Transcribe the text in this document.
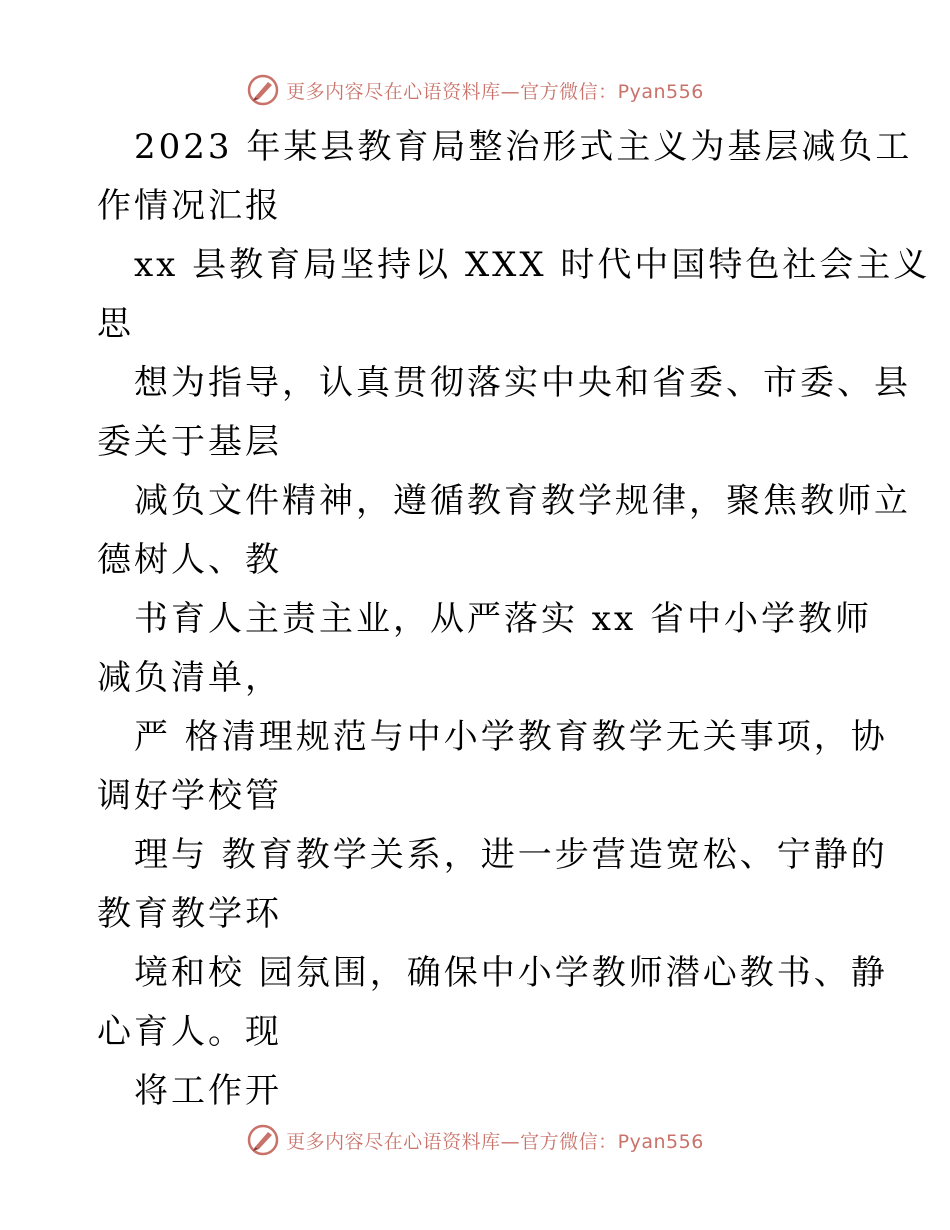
更多内容尽在心语资料库—官方微信：Pyan556

2023 年某县教育局整治形式主义为基层减负工

作情况汇报

xx 县教育局坚持以 XXX 时代中国特色社会主义

思

想为指导，认真贯彻落实中央和省委、市委、县

委关于基层

减负文件精神，遵循教育教学规律，聚焦教师立

德树人、教

书育人主责主业，从严落实 xx 省中小学教师

减负清单，

严 格清理规范与中小学教育教学无关事项，协

调好学校管

理与 教育教学关系，进一步营造宽松、宁静的

教育教学环

境和校 园氛围，确保中小学教师潜心教书、静

心育人。现

将工作开

更多内容尽在心语资料库—官方微信：Pyan556
